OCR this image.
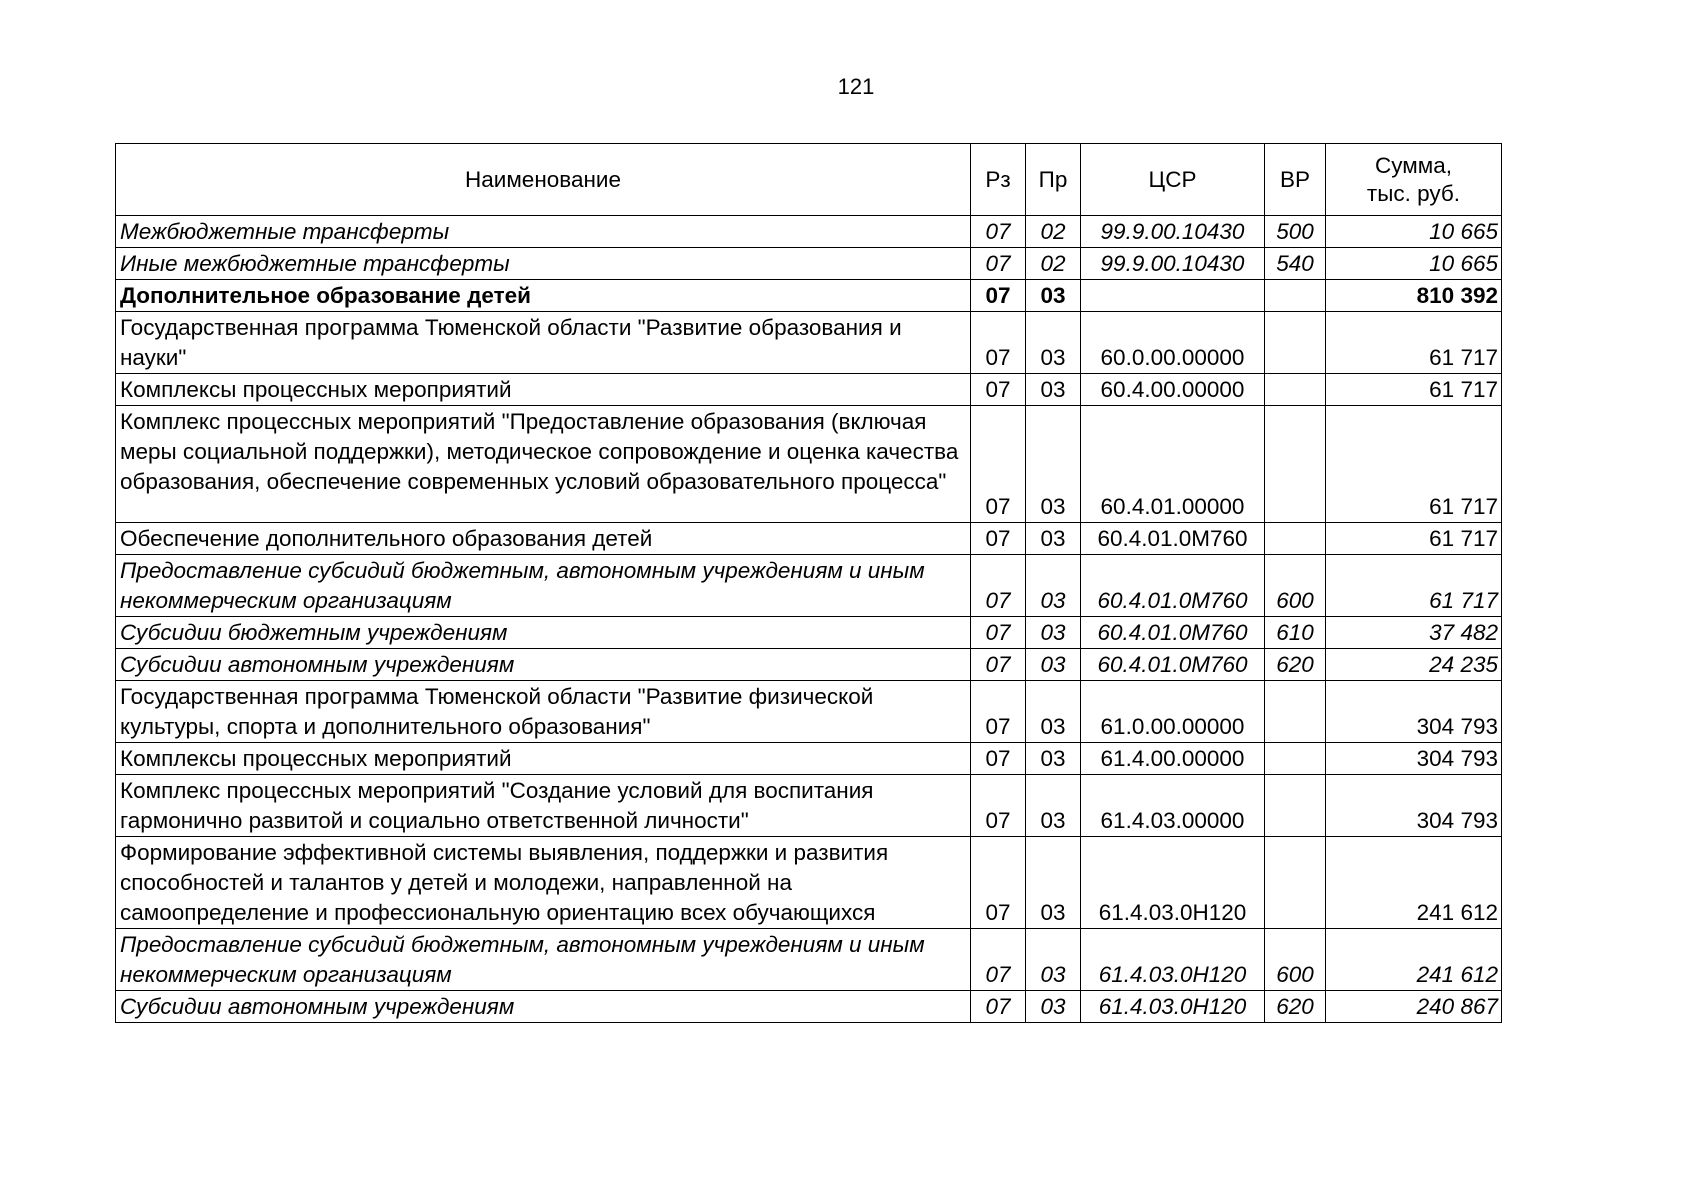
121
Наименование	Рз	Пр	ЦСР	ВР	Сумма,
тыс. руб.
Межбюджетные трансферты	07	02	99.9.00.10430	500	10 665
Иные межбюджетные трансферты	07	02	99.9.00.10430	540	10 665
Дополнительное образование детей	07	03			810 392
Государственная программа Тюменской области "Развитие образования и науки"	07	03	60.0.00.00000		61 717
Комплексы процессных мероприятий	07	03	60.4.00.00000		61 717
Комплекс процессных мероприятий "Предоставление образования (включая меры социальной поддержки), методическое сопровождение и оценка качества образования, обеспечение современных условий образовательного процесса"	07	03	60.4.01.00000		61 717
Обеспечение дополнительного образования детей	07	03	60.4.01.0М760		61 717
Предоставление субсидий бюджетным, автономным учреждениям и иным некоммерческим организациям	07	03	60.4.01.0М760	600	61 717
Субсидии бюджетным учреждениям	07	03	60.4.01.0М760	610	37 482
Субсидии автономным учреждениям	07	03	60.4.01.0М760	620	24 235
Государственная программа Тюменской области "Развитие физической культуры, спорта и дополнительного образования"	07	03	61.0.00.00000		304 793
Комплексы процессных мероприятий	07	03	61.4.00.00000		304 793
Комплекс процессных мероприятий "Создание условий для воспитания гармонично развитой и социально ответственной личности"	07	03	61.4.03.00000		304 793
Формирование эффективной системы выявления, поддержки и развития способностей и талантов у детей и молодежи, направленной на самоопределение и профессиональную ориентацию всех обучающихся	07	03	61.4.03.0Н120		241 612
Предоставление субсидий бюджетным, автономным учреждениям и иным некоммерческим организациям	07	03	61.4.03.0Н120	600	241 612
Субсидии автономным учреждениям	07	03	61.4.03.0Н120	620	240 867
